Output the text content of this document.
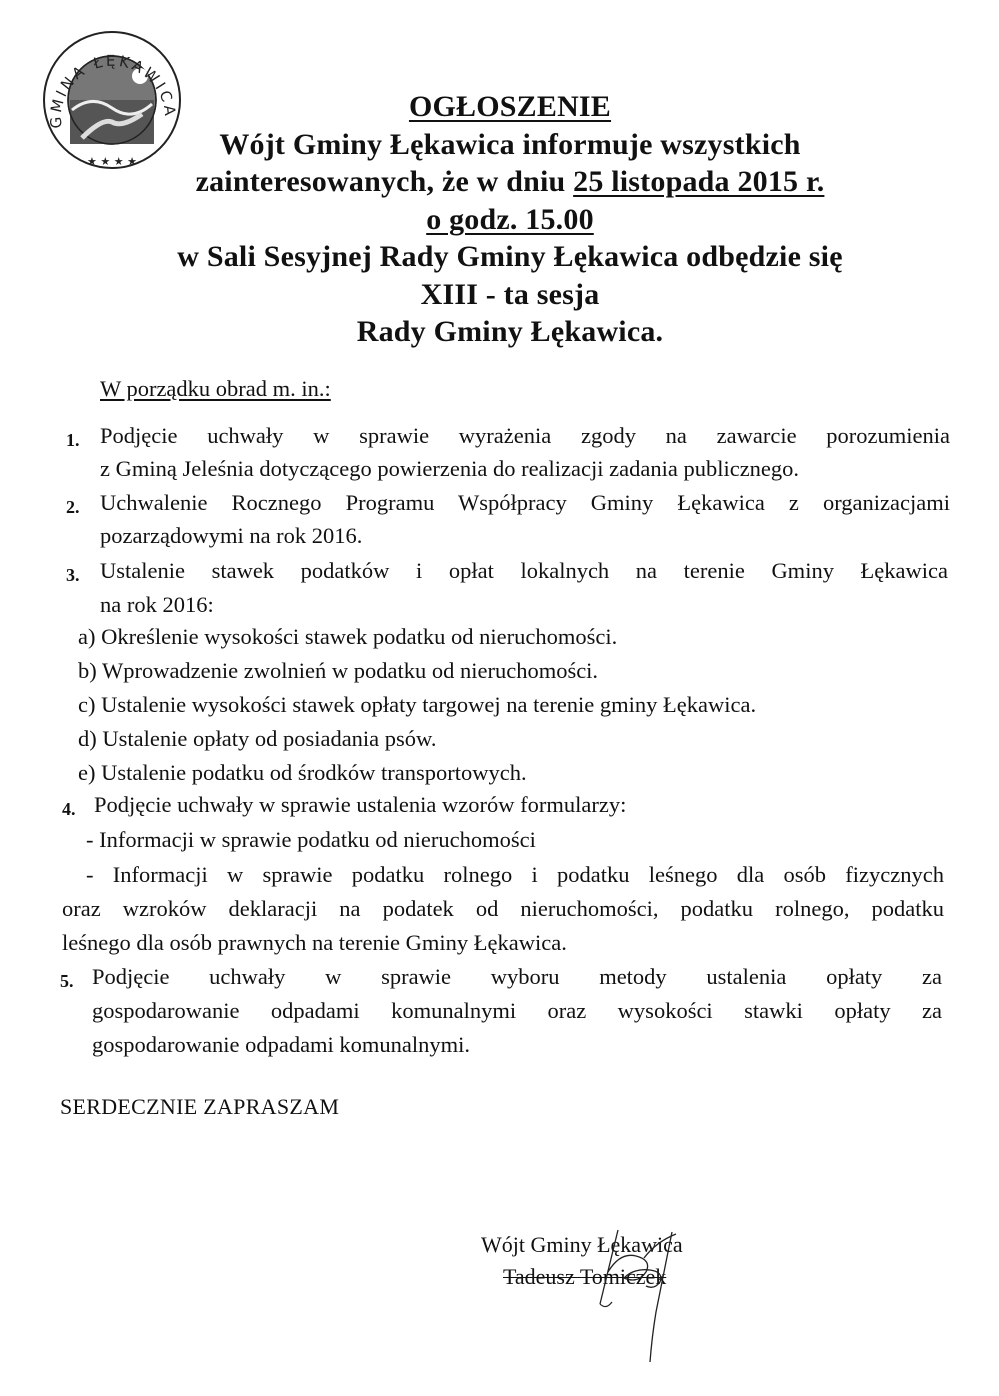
GMINA ŁĘKAWICA
★ ★ ★ ★
OGŁOSZENIE
Wójt Gminy Łękawica informuje wszystkich
zainteresowanych, że w dniu 25 listopada 2015 r.
o godz. 15.00
w Sali Sesyjnej Rady Gminy Łękawica odbędzie się
XIII - ta sesja
Rady Gminy Łękawica.
W porządku obrad m. in.:
1. Podjęcie uchwały w sprawie wyrażenia zgody na zawarcie porozumienia
z Gminą Jeleśnia dotyczącego powierzenia do realizacji zadania publicznego.
2. Uchwalenie Rocznego Programu Współpracy Gminy Łękawica z organizacjami
pozarządowymi na rok 2016.
3. Ustalenie stawek podatków i opłat lokalnych na terenie Gminy Łękawica
na rok 2016:
a) Określenie wysokości stawek podatku od nieruchomości.
b) Wprowadzenie zwolnień w podatku od nieruchomości.
c) Ustalenie wysokości stawek opłaty targowej na terenie gminy Łękawica.
d) Ustalenie opłaty od posiadania psów.
e) Ustalenie podatku od środków transportowych.
4. Podjęcie uchwały w sprawie ustalenia wzorów formularzy:
- Informacji w sprawie podatku od nieruchomości
- Informacji w sprawie podatku rolnego i podatku leśnego dla osób fizycznych
oraz wzroków deklaracji na podatek od nieruchomości, podatku rolnego, podatku
leśnego dla osób prawnych na terenie Gminy Łękawica.
5. Podjęcie uchwały w sprawie wyboru metody ustalenia opłaty za
gospodarowanie odpadami komunalnymi oraz wysokości stawki opłaty za
gospodarowanie odpadami komunalnymi.
SERDECZNIE ZAPRASZAM
Wójt Gminy Łękawica
Tadeusz Tomiczek
